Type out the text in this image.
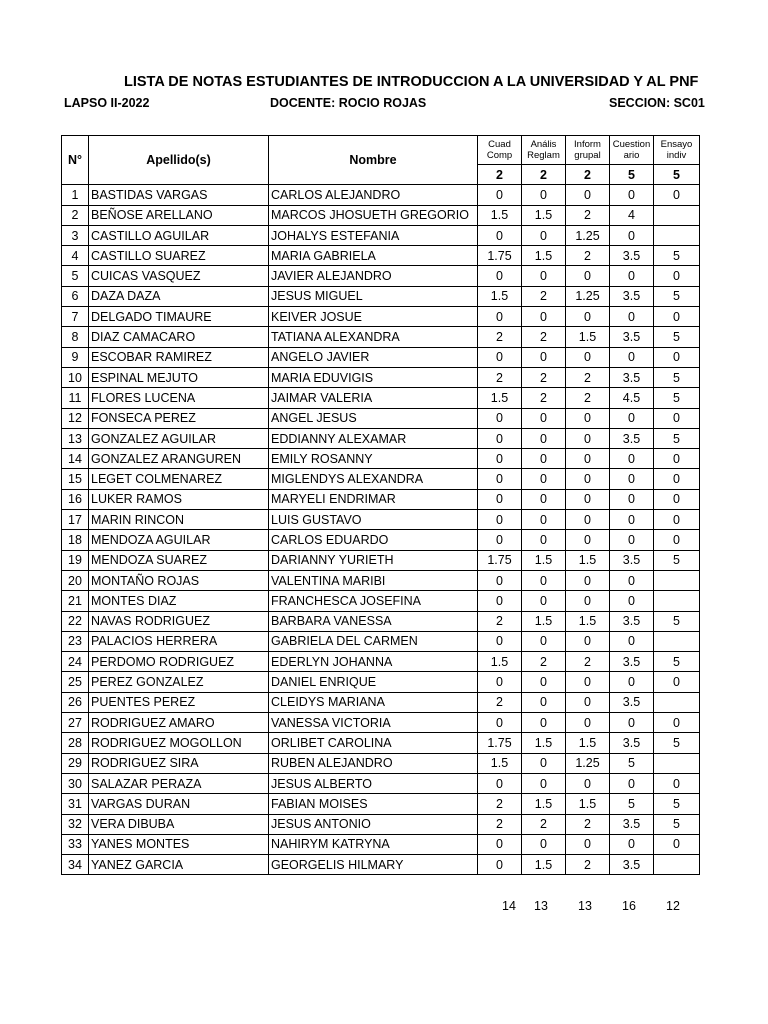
LISTA DE NOTAS ESTUDIANTES DE INTRODUCCION A LA UNIVERSIDAD Y AL PNF
LAPSO II-2022	DOCENTE: ROCIO ROJAS	SECCION: SC01
N°	Apellido(s)	Nombre	Cuad Comp	Anális Reglam	Inform grupal	Cuestion ario	Ensayo indiv
			2	2	2	5	5
1	BASTIDAS VARGAS	CARLOS ALEJANDRO	0	0	0	0	0
2	BEÑOSE ARELLANO	MARCOS JHOSUETH GREGORIO	1.5	1.5	2	4	
3	CASTILLO AGUILAR	JOHALYS ESTEFANIA	0	0	1.25	0	
4	CASTILLO SUAREZ	MARIA GABRIELA	1.75	1.5	2	3.5	5
5	CUICAS VASQUEZ	JAVIER ALEJANDRO	0	0	0	0	0
6	DAZA DAZA	JESUS MIGUEL	1.5	2	1.25	3.5	5
7	DELGADO TIMAURE	KEIVER JOSUE	0	0	0	0	0
8	DIAZ CAMACARO	TATIANA ALEXANDRA	2	2	1.5	3.5	5
9	ESCOBAR RAMIREZ	ANGELO JAVIER	0	0	0	0	0
10	ESPINAL MEJUTO	MARIA EDUVIGIS	2	2	2	3.5	5
11	FLORES LUCENA	JAIMAR VALERIA	1.5	2	2	4.5	5
12	FONSECA PEREZ	ANGEL JESUS	0	0	0	0	0
13	GONZALEZ AGUILAR	EDDIANNY ALEXAMAR	0	0	0	3.5	5
14	GONZALEZ ARANGUREN	EMILY ROSANNY	0	0	0	0	0
15	LEGET COLMENAREZ	MIGLENDYS ALEXANDRA	0	0	0	0	0
16	LUKER RAMOS	MARYELI ENDRIMAR	0	0	0	0	0
17	MARIN RINCON	LUIS GUSTAVO	0	0	0	0	0
18	MENDOZA AGUILAR	CARLOS EDUARDO	0	0	0	0	0
19	MENDOZA SUAREZ	DARIANNY YURIETH	1.75	1.5	1.5	3.5	5
20	MONTAÑO ROJAS	VALENTINA MARIBI	0	0	0	0	
21	MONTES DIAZ	FRANCHESCA JOSEFINA	0	0	0	0	
22	NAVAS RODRIGUEZ	BARBARA VANESSA	2	1.5	1.5	3.5	5
23	PALACIOS HERRERA	GABRIELA DEL CARMEN	0	0	0	0	
24	PERDOMO RODRIGUEZ	EDERLYN JOHANNA	1.5	2	2	3.5	5
25	PEREZ GONZALEZ	DANIEL ENRIQUE	0	0	0	0	0
26	PUENTES PEREZ	CLEIDYS MARIANA	2	0	0	3.5	
27	RODRIGUEZ AMARO	VANESSA VICTORIA	0	0	0	0	0
28	RODRIGUEZ MOGOLLON	ORLIBET CAROLINA	1.75	1.5	1.5	3.5	5
29	RODRIGUEZ SIRA	RUBEN ALEJANDRO	1.5	0	1.25	5	
30	SALAZAR PERAZA	JESUS ALBERTO	0	0	0	0	0
31	VARGAS DURAN	FABIAN MOISES	2	1.5	1.5	5	5
32	VERA DIBUBA	JESUS ANTONIO	2	2	2	3.5	5
33	YANES MONTES	NAHIRYM KATRYNA	0	0	0	0	0
34	YANEZ GARCIA	GEORGELIS HILMARY	0	1.5	2	3.5	
14 13 13 16 12
